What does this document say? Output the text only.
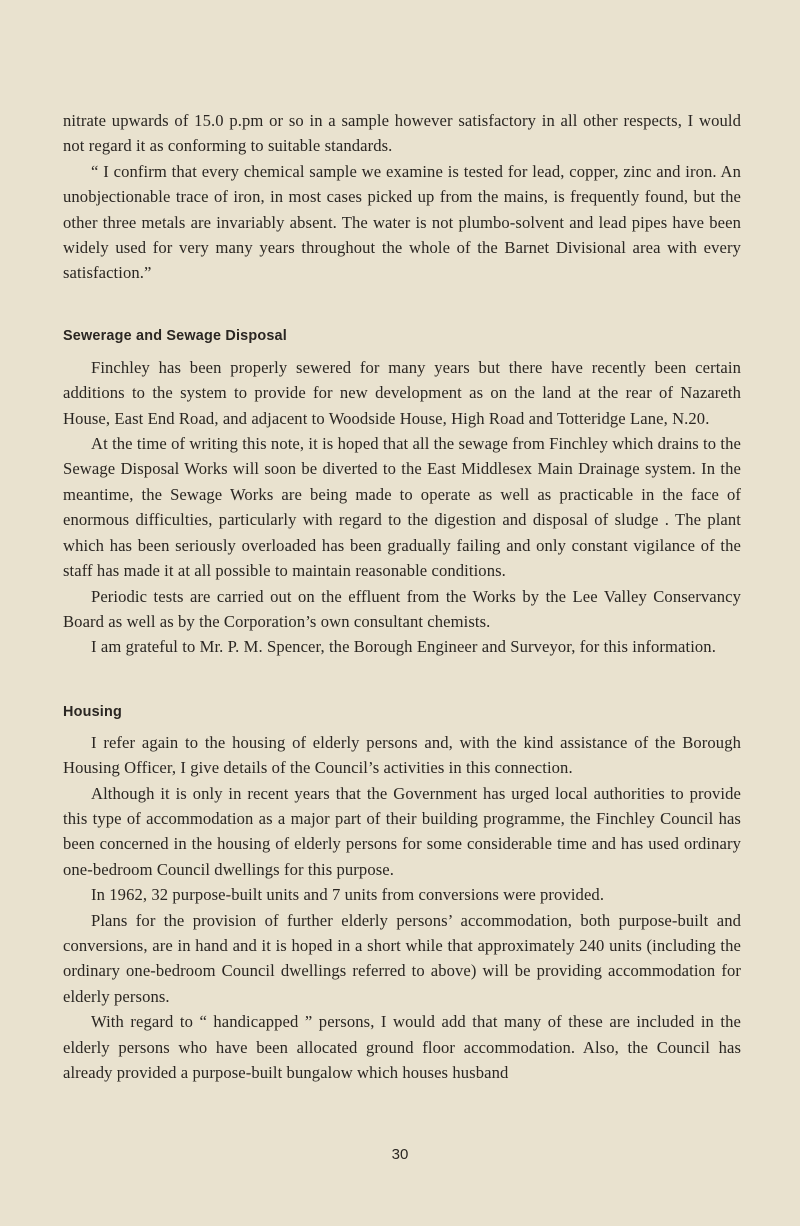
nitrate upwards of 15.0 p.pm or so in a sample however satisfactory in all other respects, I would not regard it as conforming to suitable standards.

“ I confirm that every chemical sample we examine is tested for lead, copper, zinc and iron. An unobjectionable trace of iron, in most cases picked up from the mains, is frequently found, but the other three metals are invariably absent. The water is not plumbo-solvent and lead pipes have been widely used for very many years throughout the whole of the Barnet Divisional area with every satisfaction.”

Sewerage and Sewage Disposal

Finchley has been properly sewered for many years but there have recently been certain additions to the system to provide for new development as on the land at the rear of Nazareth House, East End Road, and adjacent to Woodside House, High Road and Totteridge Lane, N.20.

At the time of writing this note, it is hoped that all the sewage from Finchley which drains to the Sewage Disposal Works will soon be diverted to the East Middlesex Main Drainage system. In the meantime, the Sewage Works are being made to operate as well as practicable in the face of enormous difficulties, particularly with regard to the digestion and disposal of sludge . The plant which has been seriously overloaded has been gradually failing and only constant vigilance of the staff has made it at all possible to maintain reasonable conditions.

Periodic tests are carried out on the effluent from the Works by the Lee Valley Conservancy Board as well as by the Corporation’s own consultant chemists.

I am grateful to Mr. P. M. Spencer, the Borough Engineer and Surveyor, for this information.

Housing

I refer again to the housing of elderly persons and, with the kind assistance of the Borough Housing Officer, I give details of the Council’s activities in this connection.

Although it is only in recent years that the Government has urged local authorities to provide this type of accommodation as a major part of their building programme, the Finchley Council has been concerned in the housing of elderly persons for some considerable time and has used ordinary one-bedroom Council dwellings for this purpose.

In 1962, 32 purpose-built units and 7 units from conversions were provided.

Plans for the provision of further elderly persons’ accommodation, both purpose-built and conversions, are in hand and it is hoped in a short while that approximately 240 units (including the ordinary one-bedroom Council dwellings referred to above) will be providing accommodation for elderly persons.

With regard to “ handicapped ” persons, I would add that many of these are included in the elderly persons who have been allocated ground floor accommodation. Also, the Council has already provided a purpose-built bungalow which houses husband

30
